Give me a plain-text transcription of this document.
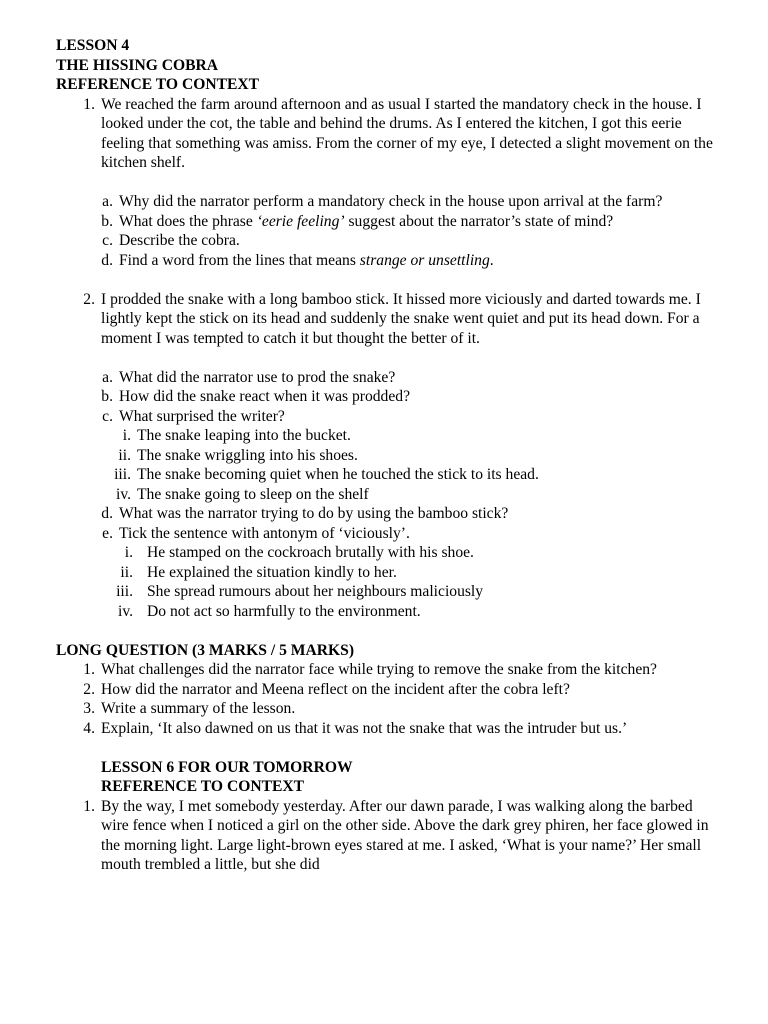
LESSON 4
THE HISSING COBRA
REFERENCE TO CONTEXT
1. We reached the farm around afternoon and as usual I started the mandatory check in the house. I looked under the cot, the table and behind the drums. As I entered the kitchen, I got this eerie feeling that something was amiss. From the corner of my eye, I detected a slight movement on the kitchen shelf.
a. Why did the narrator perform a mandatory check in the house upon arrival at the farm?
b. What does the phrase ‘eerie feeling’ suggest about the narrator’s state of mind?
c. Describe the cobra.
d. Find a word from the lines that means strange or unsettling.
2. I prodded the snake with a long bamboo stick. It hissed more viciously and darted towards me. I lightly kept the stick on its head and suddenly the snake went quiet and put its head down. For a moment I was tempted to catch it but thought the better of it.
a. What did the narrator use to prod the snake?
b. How did the snake react when it was prodded?
c. What surprised the writer?
i. The snake leaping into the bucket.
ii. The snake wriggling into his shoes.
iii. The snake becoming quiet when he touched the stick to its head.
iv. The snake going to sleep on the shelf
d. What was the narrator trying to do by using the bamboo stick?
e. Tick the sentence with antonym of ‘viciously’.
i. He stamped on the cockroach brutally with his shoe.
ii. He explained the situation kindly to her.
iii. She spread rumours about her neighbours maliciously
iv. Do not act so harmfully to the environment.
LONG QUESTION (3 MARKS / 5 MARKS)
1. What challenges did the narrator face while trying to remove the snake from the kitchen?
2. How did the narrator and Meena reflect on the incident after the cobra left?
3. Write a summary of the lesson.
4. Explain, ‘It also dawned on us that it was not the snake that was the intruder but us.’
LESSON 6 FOR OUR TOMORROW
REFERENCE TO CONTEXT
1. By the way, I met somebody yesterday. After our dawn parade, I was walking along the barbed wire fence when I noticed a girl on the other side. Above the dark grey phiren, her face glowed in the morning light. Large light-brown eyes stared at me. I asked, ‘What is your name?’ Her small mouth trembled a little, but she did
